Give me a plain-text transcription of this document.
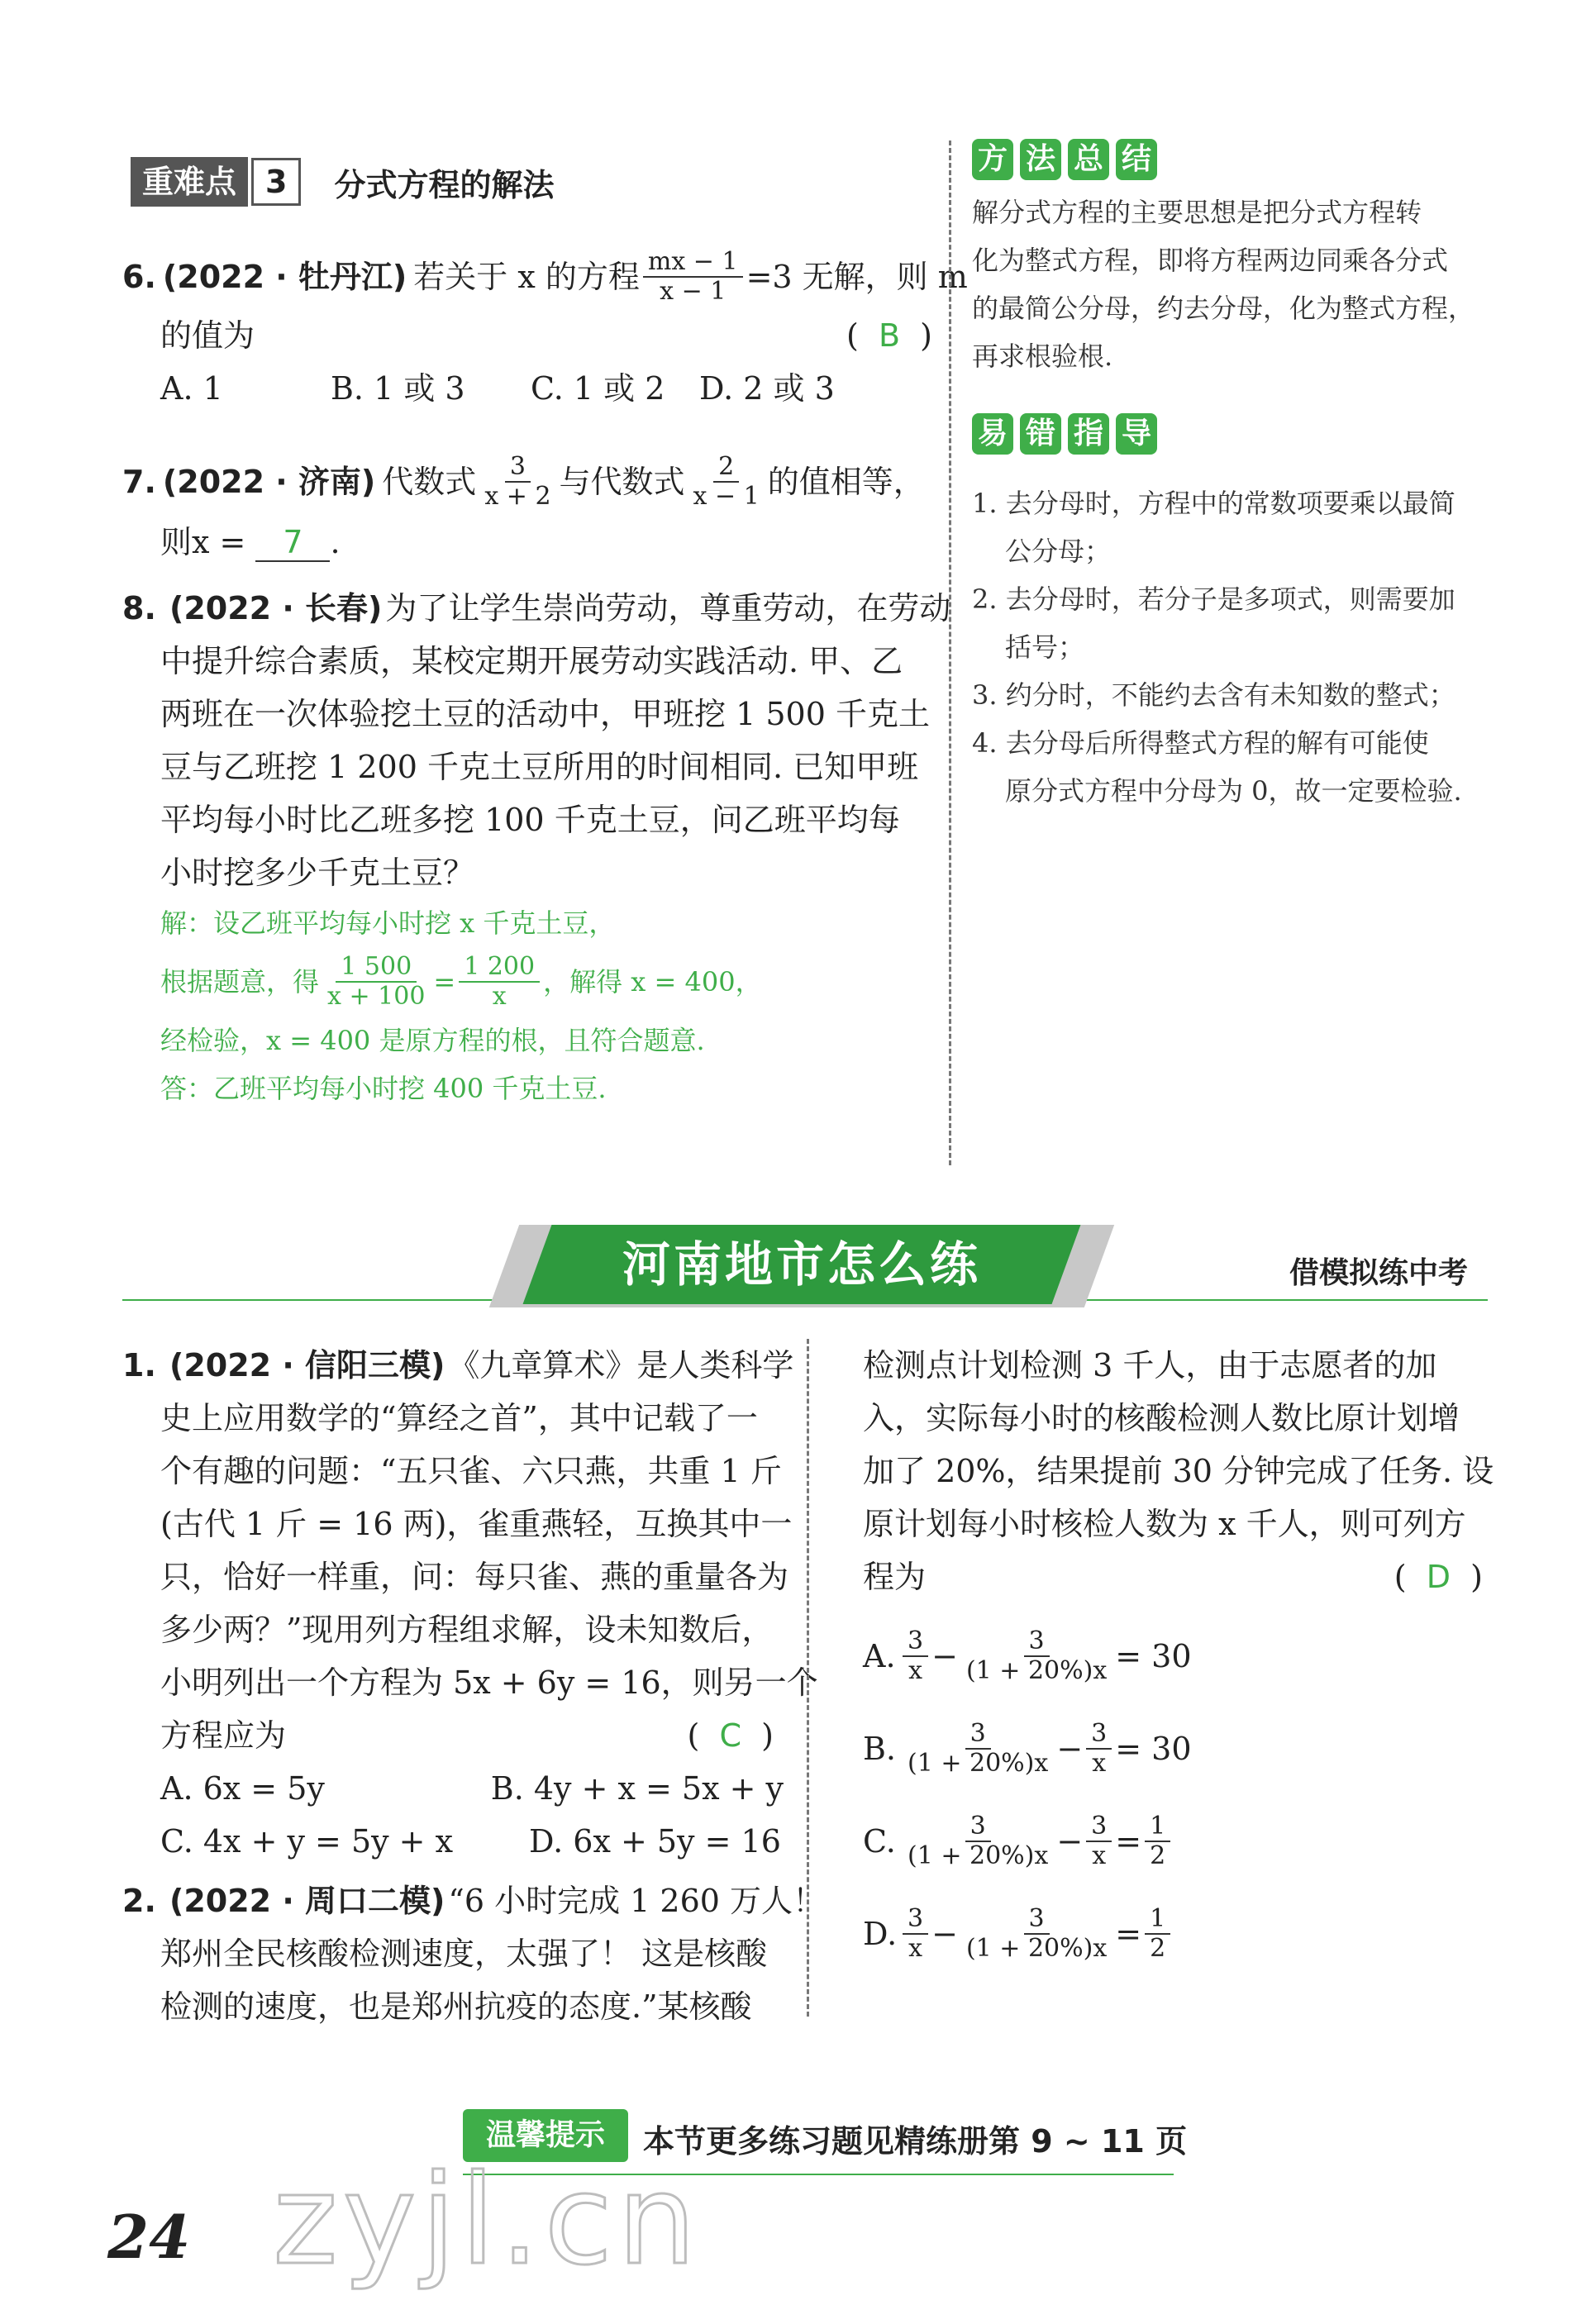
重难点 3	分式方程的解法
6. (2022 · 牡丹江) 若关于 x 的方程 $\frac{mx - 1}{x - 1} =3$ 无解，则 m
的值为	(  B  )
A. 1	B. 1 或 3	C. 1 或 2	D. 2 或 3
7. (2022 · 济南) 代数式 $\frac{3}{x + 2}$ 与代数式 $\frac{2}{x - 1}$ 的值相等，
则x = 7 .
8. (2022 · 长春) 为了让学生崇尚劳动，尊重劳动，在劳动
中提升综合素质，某校定期开展劳动实践活动. 甲、乙
两班在一次体验挖土豆的活动中，甲班挖 1 500 千克土
豆与乙班挖 1 200 千克土豆所用的时间相同. 已知甲班
平均每小时比乙班多挖 100 千克土豆，问乙班平均每
小时挖多少千克土豆？
解：设乙班平均每小时挖 x 千克土豆，
根据题意，得 $\frac{1 500}{x + 100} = \frac{1 200}{x}$ ，解得 x = 400，
经检验，x = 400 是原方程的根，且符合题意.
答：乙班平均每小时挖 400 千克土豆.
方 法 总 结
解分式方程的主要思想是把分式方程转
化为整式方程，即将方程两边同乘各分式
的最简公分母，约去分母，化为整式方程，
再求根验根.
易 错 指 导
1. 去分母时，方程中的常数项要乘以最简
公分母；
2. 去分母时，若分子是多项式，则需要加
括号；
3. 约分时，不能约去含有未知数的整式；
4. 去分母后所得整式方程的解有可能使
原分式方程中分母为 0，故一定要检验.
河南地市怎么练	借模拟练中考
1. (2022 · 信阳三模) 《九章算术》是人类科学
史上应用数学的“算经之首”，其中记载了一
个有趣的问题：“五只雀、六只燕，共重 1 斤
(古代 1 斤 = 16 两)，雀重燕轻，互换其中一
只，恰好一样重，问：每只雀、燕的重量各为
多少两？”现用列方程组求解，设未知数后，
小明列出一个方程为 5x + 6y = 16，则另一个
方程应为	(  C  )
A. 6x = 5y	B. 4y + x = 5x + y
C. 4x + y = 5y + x	D. 6x + 5y = 16
2. (2022 · 周口二模) “6 小时完成 1 260 万人！
郑州全民核酸检测速度，太强了！ 这是核酸
检测的速度，也是郑州抗疫的态度.”某核酸
检测点计划检测 3 千人，由于志愿者的加
入，实际每小时的核酸检测人数比原计划增
加了 20%，结果提前 30 分钟完成了任务. 设
原计划每小时核检人数为 x 千人，则可列方
程为	(  D  )
A. $\frac{3}{x} - \frac{3}{(1 + 20\%)x} = 30$
B. $\frac{3}{(1 + 20\%)x} - \frac{3}{x} = 30$
C. $\frac{3}{(1 + 20\%)x} - \frac{3}{x} = \frac{1}{2}$
D. $\frac{3}{x} - \frac{3}{(1 + 20\%)x} = \frac{1}{2}$
温馨提示	本节更多练习题见精练册第 9 ~ 11 页
24 zyjl.cn
